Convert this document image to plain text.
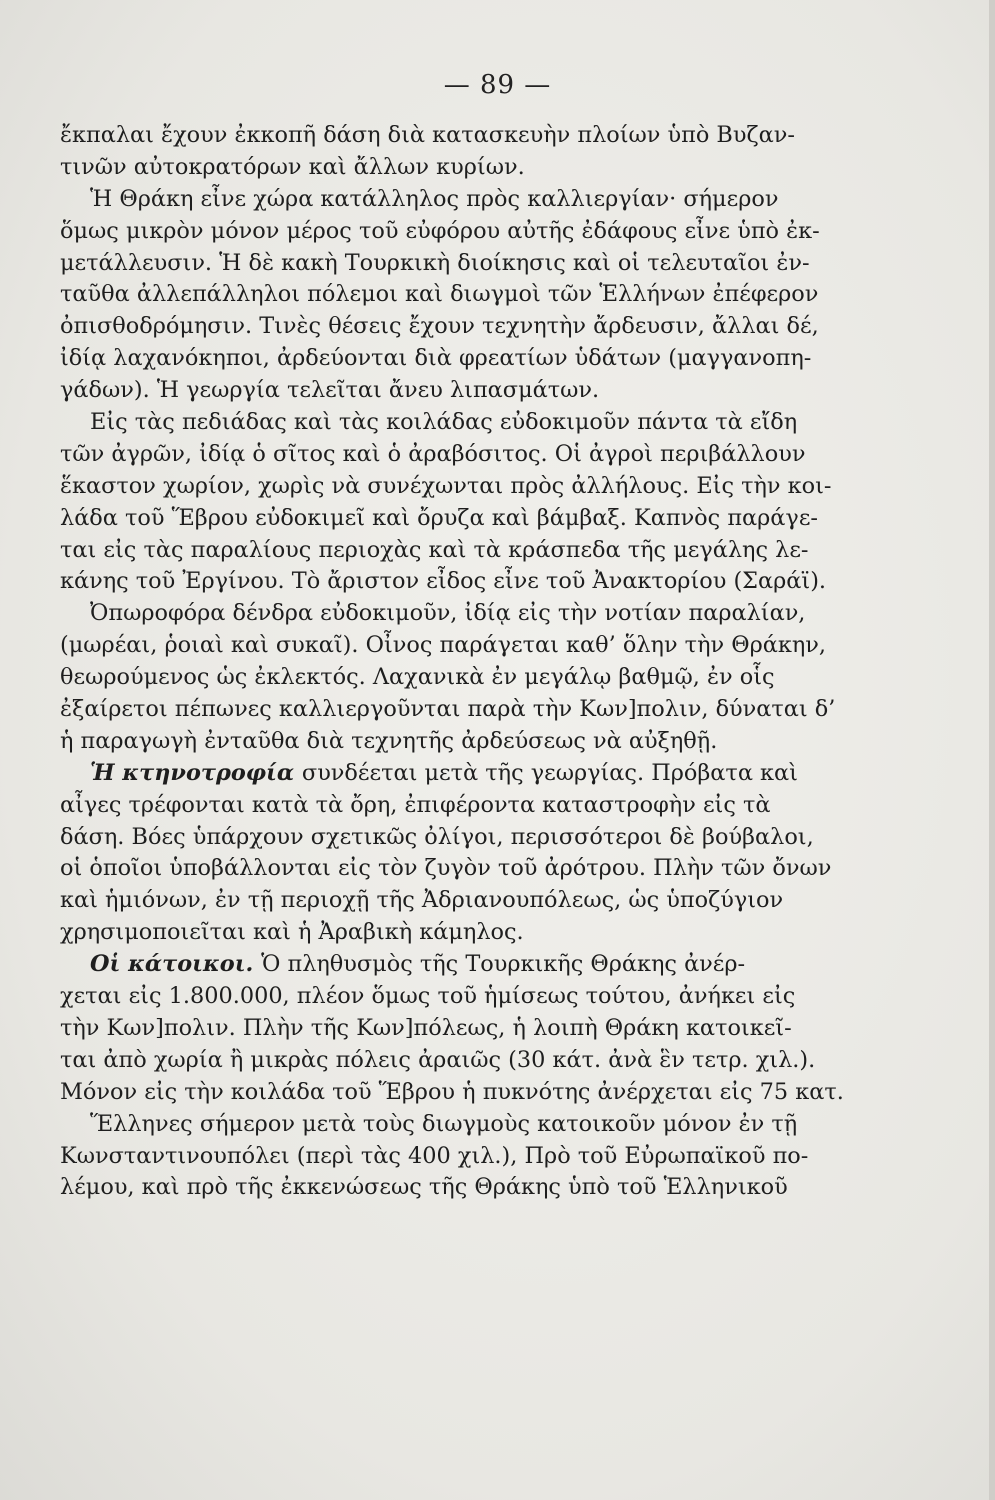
— 89 —
ἔκπαλαι ἔχουν ἐκκοπῆ δάση διὰ κατασκευὴν πλοίων ὑπὸ Βυζαν-
τινῶν αὐτοκρατόρων καὶ ἄλλων κυρίων.
Ἡ Θράκη εἶνε χώρα κατάλληλος πρὸς καλλιεργίαν· σήμερον
ὅμως μικρὸν μόνον μέρος τοῦ εὐφόρου αὐτῆς ἐδάφους εἶνε ὑπὸ ἐκ-
μετάλλευσιν. Ἡ δὲ κακὴ Τουρκικὴ διοίκησις καὶ οἱ τελευταῖοι ἐν-
ταῦθα ἀλλεπάλληλοι πόλεμοι καὶ διωγμοὶ τῶν Ἑλλήνων ἐπέφερον
ὀπισθοδρόμησιν. Τινὲς θέσεις ἔχουν τεχνητὴν ἄρδευσιν, ἄλλαι δέ,
ἰδίᾳ λαχανόκηποι, ἀρδεύονται διὰ φρεατίων ὑδάτων (μαγγανοπη-
γάδων). Ἡ γεωργία τελεῖται ἄνευ λιπασμάτων.
Εἰς τὰς πεδιάδας καὶ τὰς κοιλάδας εὐδοκιμοῦν πάντα τὰ εἴδη
τῶν ἀγρῶν, ἰδίᾳ ὁ σῖτος καὶ ὁ ἀραβόσιτος. Οἱ ἀγροὶ περιβάλλουν
ἕκαστον χωρίον, χωρὶς νὰ συνέχωνται πρὸς ἀλλήλους. Εἰς τὴν κοι-
λάδα τοῦ Ἕβρου εὐδοκιμεῖ καὶ ὄρυζα καὶ βάμβαξ. Καπνὸς παράγε-
ται εἰς τὰς παραλίους περιοχὰς καὶ τὰ κράσπεδα τῆς μεγάλης λε-
κάνης τοῦ Ἐργίνου. Τὸ ἄριστον εἶδος εἶνε τοῦ Ἀνακτορίου (Σαράϊ).
Ὀπωροφόρα δένδρα εὐδοκιμοῦν, ἰδίᾳ εἰς τὴν νοτίαν παραλίαν,
(μωρέαι, ῥοιαὶ καὶ συκαῖ). Οἶνος παράγεται καθ’ ὅλην τὴν Θράκην,
θεωρούμενος ὡς ἐκλεκτός. Λαχανικὰ ἐν μεγάλῳ βαθμῷ, ἐν οἷς
ἐξαίρετοι πέπωνες καλλιεργοῦνται παρὰ τὴν Κων]πολιν, δύναται δ’
ἡ παραγωγὴ ἐνταῦθα διὰ τεχνητῆς ἀρδεύσεως νὰ αὐξηθῇ.
Ἡ κτηνοτροφία συνδέεται μετὰ τῆς γεωργίας. Πρόβατα καὶ
αἶγες τρέφονται κατὰ τὰ ὄρη, ἐπιφέροντα καταστροφὴν εἰς τὰ
δάση. Βόες ὑπάρχουν σχετικῶς ὀλίγοι, περισσότεροι δὲ βούβαλοι,
οἱ ὁποῖοι ὑποβάλλονται εἰς τὸν ζυγὸν τοῦ ἀρότρου. Πλὴν τῶν ὄνων
καὶ ἡμιόνων, ἐν τῇ περιοχῇ τῆς Ἀδριανουπόλεως, ὡς ὑποζύγιον
χρησιμοποιεῖται καὶ ἡ Ἀραβικὴ κάμηλος.
Οἱ κάτοικοι. Ὁ πληθυσμὸς τῆς Τουρκικῆς Θράκης ἀνέρ-
χεται εἰς 1.800.000, πλέον ὅμως τοῦ ἡμίσεως τούτου, ἀνήκει εἰς
τὴν Κων]πολιν. Πλὴν τῆς Κων]πόλεως, ἡ λοιπὴ Θράκη κατοικεῖ-
ται ἀπὸ χωρία ἢ μικρὰς πόλεις ἀραιῶς (30 κάτ. ἀνὰ ἓν τετρ. χιλ.).
Μόνον εἰς τὴν κοιλάδα τοῦ Ἕβρου ἡ πυκνότης ἀνέρχεται εἰς 75 κατ.
Ἕλληνες σήμερον μετὰ τοὺς διωγμοὺς κατοικοῦν μόνον ἐν τῇ
Κωνσταντινουπόλει (περὶ τὰς 400 χιλ.), Πρὸ τοῦ Εὐρωπαϊκοῦ πο-
λέμου, καὶ πρὸ τῆς ἐκκενώσεως τῆς Θράκης ὑπὸ τοῦ Ἑλληνικοῦ
